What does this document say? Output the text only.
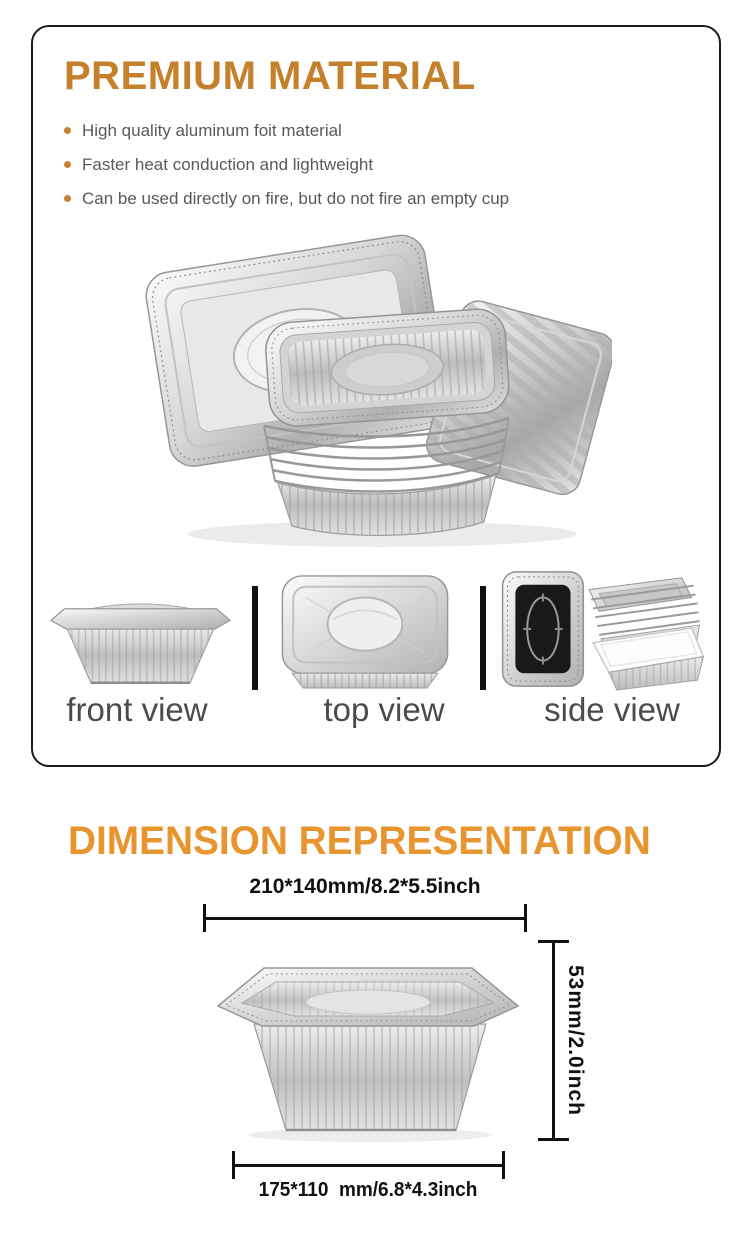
PREMIUM MATERIAL
High quality aluminum foit material
Faster heat conduction and lightweight
Can be used directly on fire, but do not fire an empty cup
front view	top view	side view
DIMENSION REPRESENTATION
210*140mm/8.2*5.5inch
53mm/2.0inch
175*110  mm/6.8*4.3inch
